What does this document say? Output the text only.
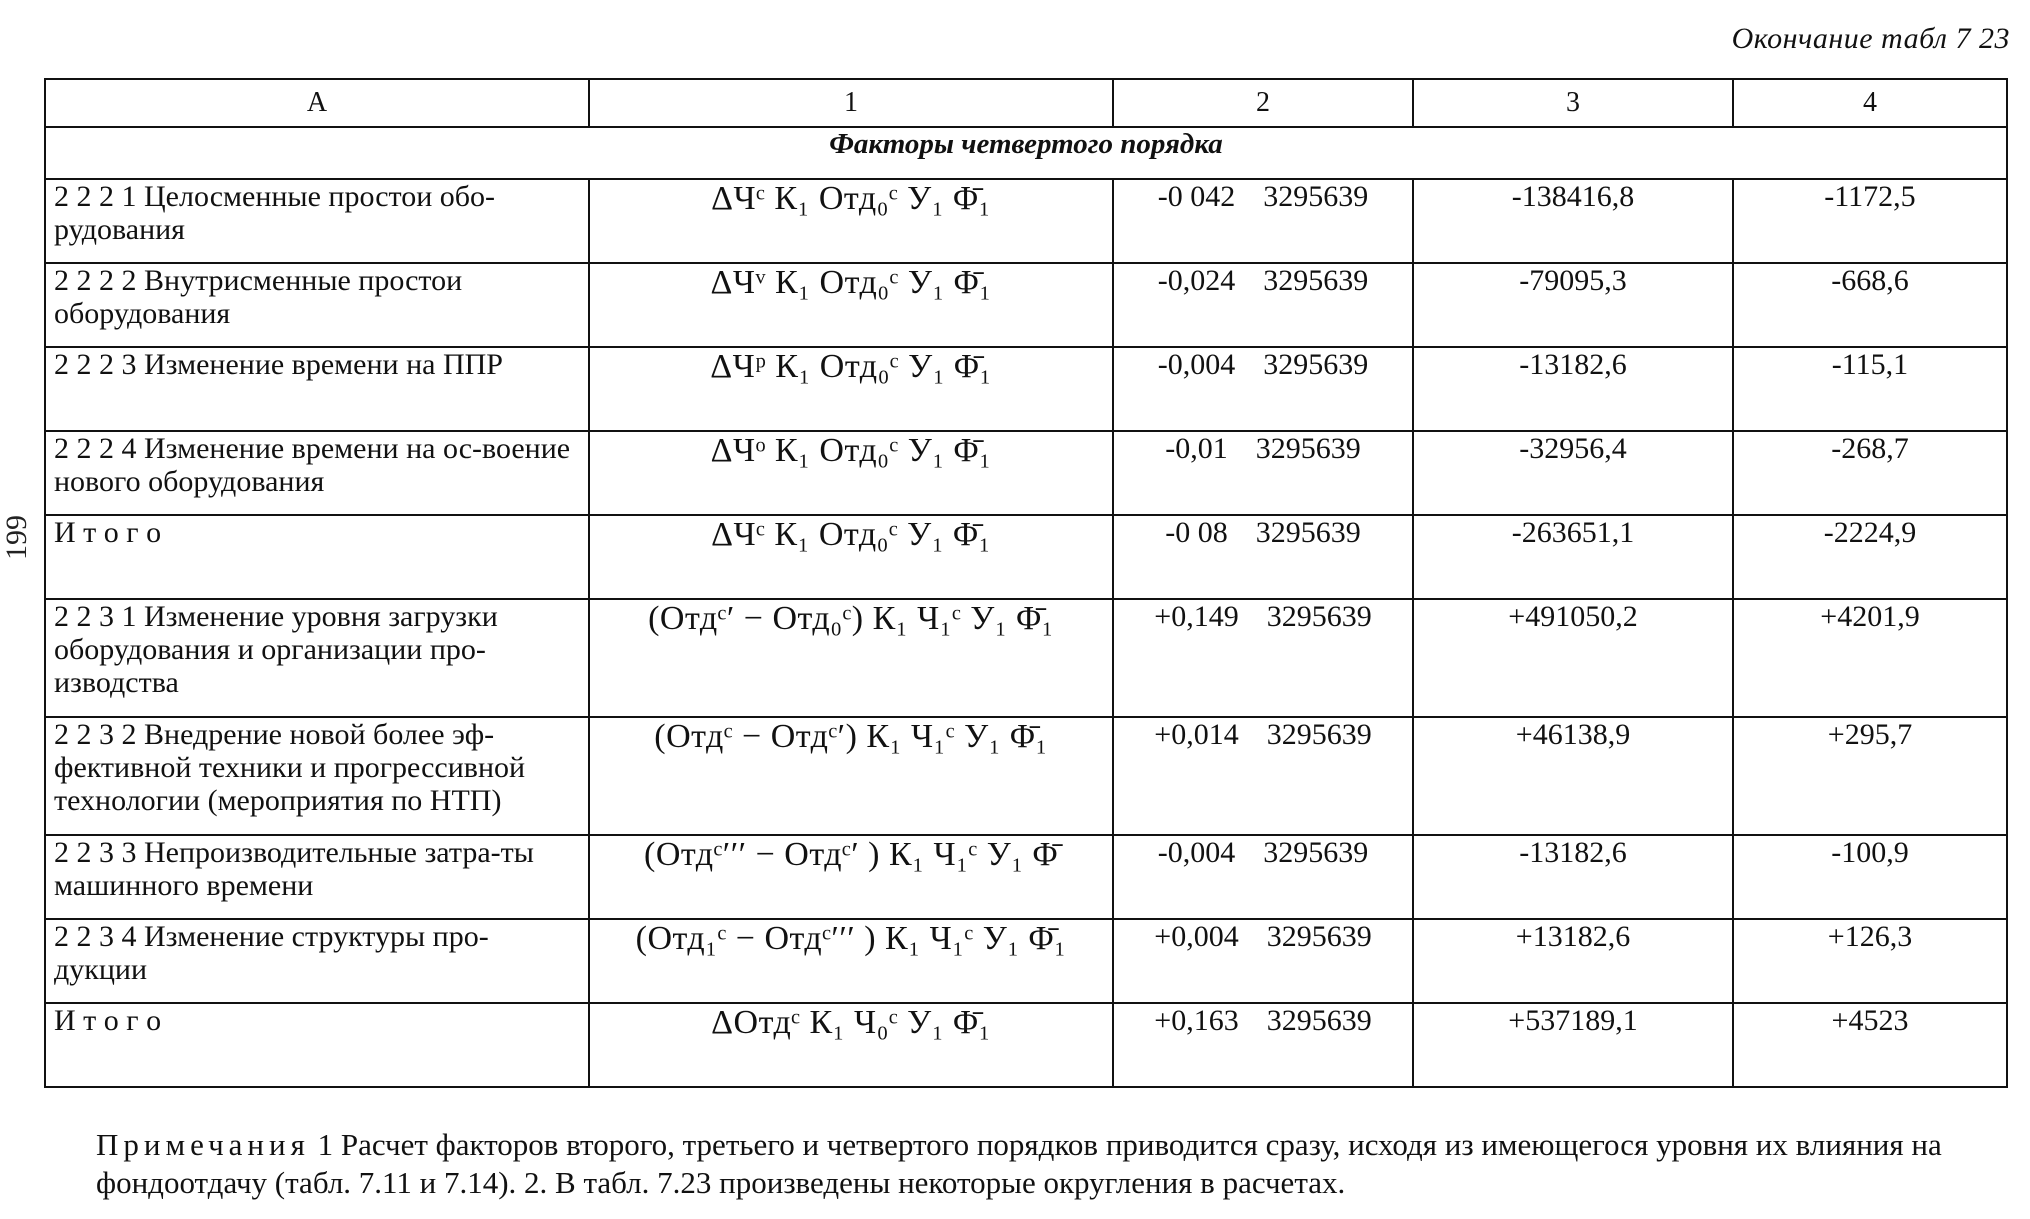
Окончание табл 7 23
199
А	1	2	3	4
Факторы четвертого порядка				
2 2 2 1 Целосменные простои обо-рудования	ΔЧᶜ К₁ Отд₀ᶜ У₁ Φ̄₁	-0 042 3295639	-138416,8	-1172,5
2 2 2 2 Внутрисменные простои оборудования	ΔЧᵛ К₁ Отд₀ᶜ У₁ Φ̄₁	-0,024 3295639	-79095,3	-668,6
2 2 2 3 Изменение времени на ППР	ΔЧᵖ К₁ Отд₀ᶜ У₁ Φ̄₁	-0,004 3295639	-13182,6	-115,1
2 2 2 4 Изменение времени на ос-воение нового оборудования	ΔЧᵒ К₁ Отд₀ᶜ У₁ Φ̄₁	-0,01 3295639	-32956,4	-268,7
И т о г о	ΔЧᶜ К₁ Отд₀ᶜ У₁ Φ̄₁	-0 08 3295639	-263651,1	-2224,9
2 2 3 1 Изменение уровня загрузки оборудования и организации про-изводства	(Отдᶜ′ − Отд₀ᶜ) К₁ Ч₁ᶜ У₁ Φ̄₁	+0,149 3295639	+491050,2	+4201,9
2 2 3 2 Внедрение новой более эф-фективной техники и прогрессивной технологии (мероприятия по НТП)	(Отдᶜ − Отдᶜ′) К₁ Ч₁ᶜ У₁ Φ̄₁	+0,014 3295639	+46138,9	+295,7
2 2 3 3 Непроизводительные затра-ты машинного времени	(Отдᶜ′′′ − Отдᶜ′ ) К₁ Ч₁ᶜ У₁ Φ̄	-0,004 3295639	-13182,6	-100,9
2 2 3 4 Изменение структуры про-дукции	(Отд₁ᶜ − Отдᶜ′′′ ) К₁ Ч₁ᶜ У₁ Φ̄₁	+0,004 3295639	+13182,6	+126,3
И т о г о	ΔОтдᶜ К₁ Ч₀ᶜ У₁ Φ̄₁	+0,163 3295639	+537189,1	+4523
Примечания 1 Расчет факторов второго, третьего и четвертого порядков приводится сразу, исходя из имеющегося уровня их влияния на фондоотдачу (табл. 7.11 и 7.14). 2. В табл. 7.23 произведены некоторые округления в расчетах.
